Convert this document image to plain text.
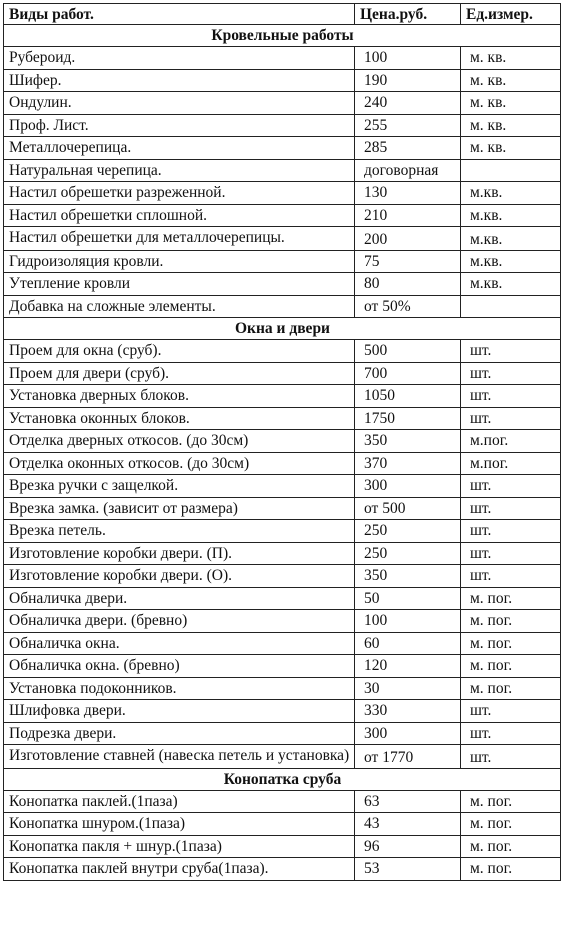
Виды работ.	Цена.руб.	Ед.измер.
Кровельные работы		
Рубероид.	100	м. кв.
Шифер.	190	м. кв.
Ондулин.	240	м. кв.
Проф. Лист.	255	м. кв.
Металлочерепица.	285	м. кв.
Натуральная черепица.	договорная	
Настил обрешетки разреженной.	130	м.кв.
Настил обрешетки сплошной.	210	м.кв.
Настил обрешетки для металлочерепицы.	200	м.кв.
Гидроизоляция кровли.	75	м.кв.
Утепление кровли	80	м.кв.
Добавка на сложные элементы.	от 50%	
Окна и двери		
Проем для окна (сруб).	500	шт.
Проем для двери (сруб).	700	шт.
Установка дверных блоков.	1050	шт.
Установка оконных блоков.	1750	шт.
Отделка дверных откосов. (до 30см)	350	м.пог.
Отделка оконных откосов. (до 30см)	370	м.пог.
Врезка ручки с защелкой.	300	шт.
Врезка замка. (зависит от размера)	от 500	шт.
Врезка петель.	250	шт.
Изготовление коробки двери. (П).	250	шт.
Изготовление коробки двери. (О).	350	шт.
Обналичка двери.	50	м. пог.
Обналичка двери. (бревно)	100	м. пог.
Обналичка окна.	60	м. пог.
Обналичка окна. (бревно)	120	м. пог.
Установка подоконников.	30	м. пог.
Шлифовка двери.	330	шт.
Подрезка двери.	300	шт.
Изготовление ставней (навеска петель и установка)	от 1770	шт.
Конопатка сруба		
Конопатка паклей.(1паза)	63	м. пог.
Конопатка шнуром.(1паза)	43	м. пог.
Конопатка пакля + шнур.(1паза)	96	м. пог.
Конопатка паклей внутри сруба(1паза).	53	м. пог.
